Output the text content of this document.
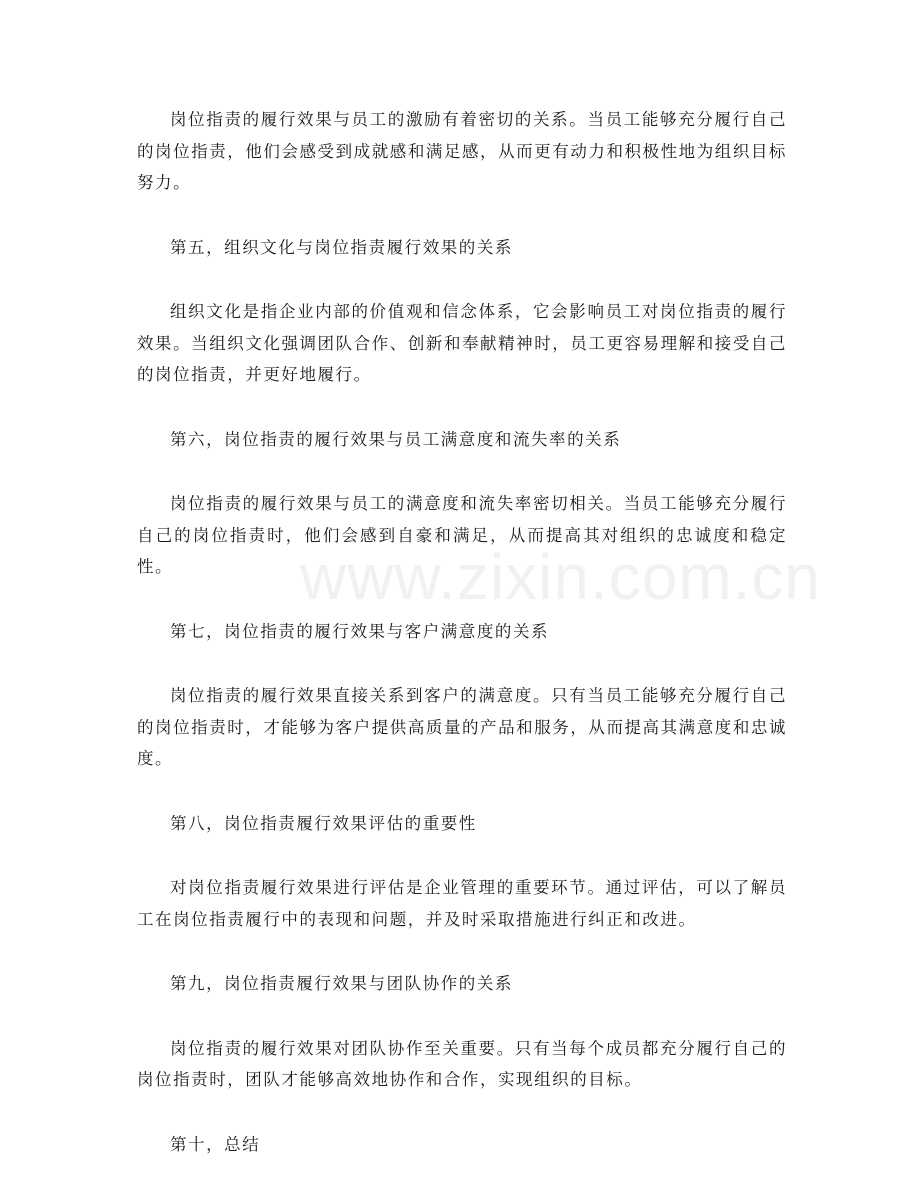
岗位指责的履行效果与员工的激励有着密切的关系。当员工能够充分履行自己的岗位指责，他们会感受到成就感和满足感，从而更有动力和积极性地为组织目标努力。

第五，组织文化与岗位指责履行效果的关系

组织文化是指企业内部的价值观和信念体系，它会影响员工对岗位指责的履行效果。当组织文化强调团队合作、创新和奉献精神时，员工更容易理解和接受自己的岗位指责，并更好地履行。

第六，岗位指责的履行效果与员工满意度和流失率的关系

岗位指责的履行效果与员工的满意度和流失率密切相关。当员工能够充分履行自己的岗位指责时，他们会感到自豪和满足，从而提高其对组织的忠诚度和稳定性。

第七，岗位指责的履行效果与客户满意度的关系

岗位指责的履行效果直接关系到客户的满意度。只有当员工能够充分履行自己的岗位指责时，才能够为客户提供高质量的产品和服务，从而提高其满意度和忠诚度。

第八，岗位指责履行效果评估的重要性

对岗位指责履行效果进行评估是企业管理的重要环节。通过评估，可以了解员工在岗位指责履行中的表现和问题，并及时采取措施进行纠正和改进。

第九，岗位指责履行效果与团队协作的关系

岗位指责的履行效果对团队协作至关重要。只有当每个成员都充分履行自己的岗位指责时，团队才能够高效地协作和合作，实现组织的目标。

第十，总结

www.zixin.com.cn
